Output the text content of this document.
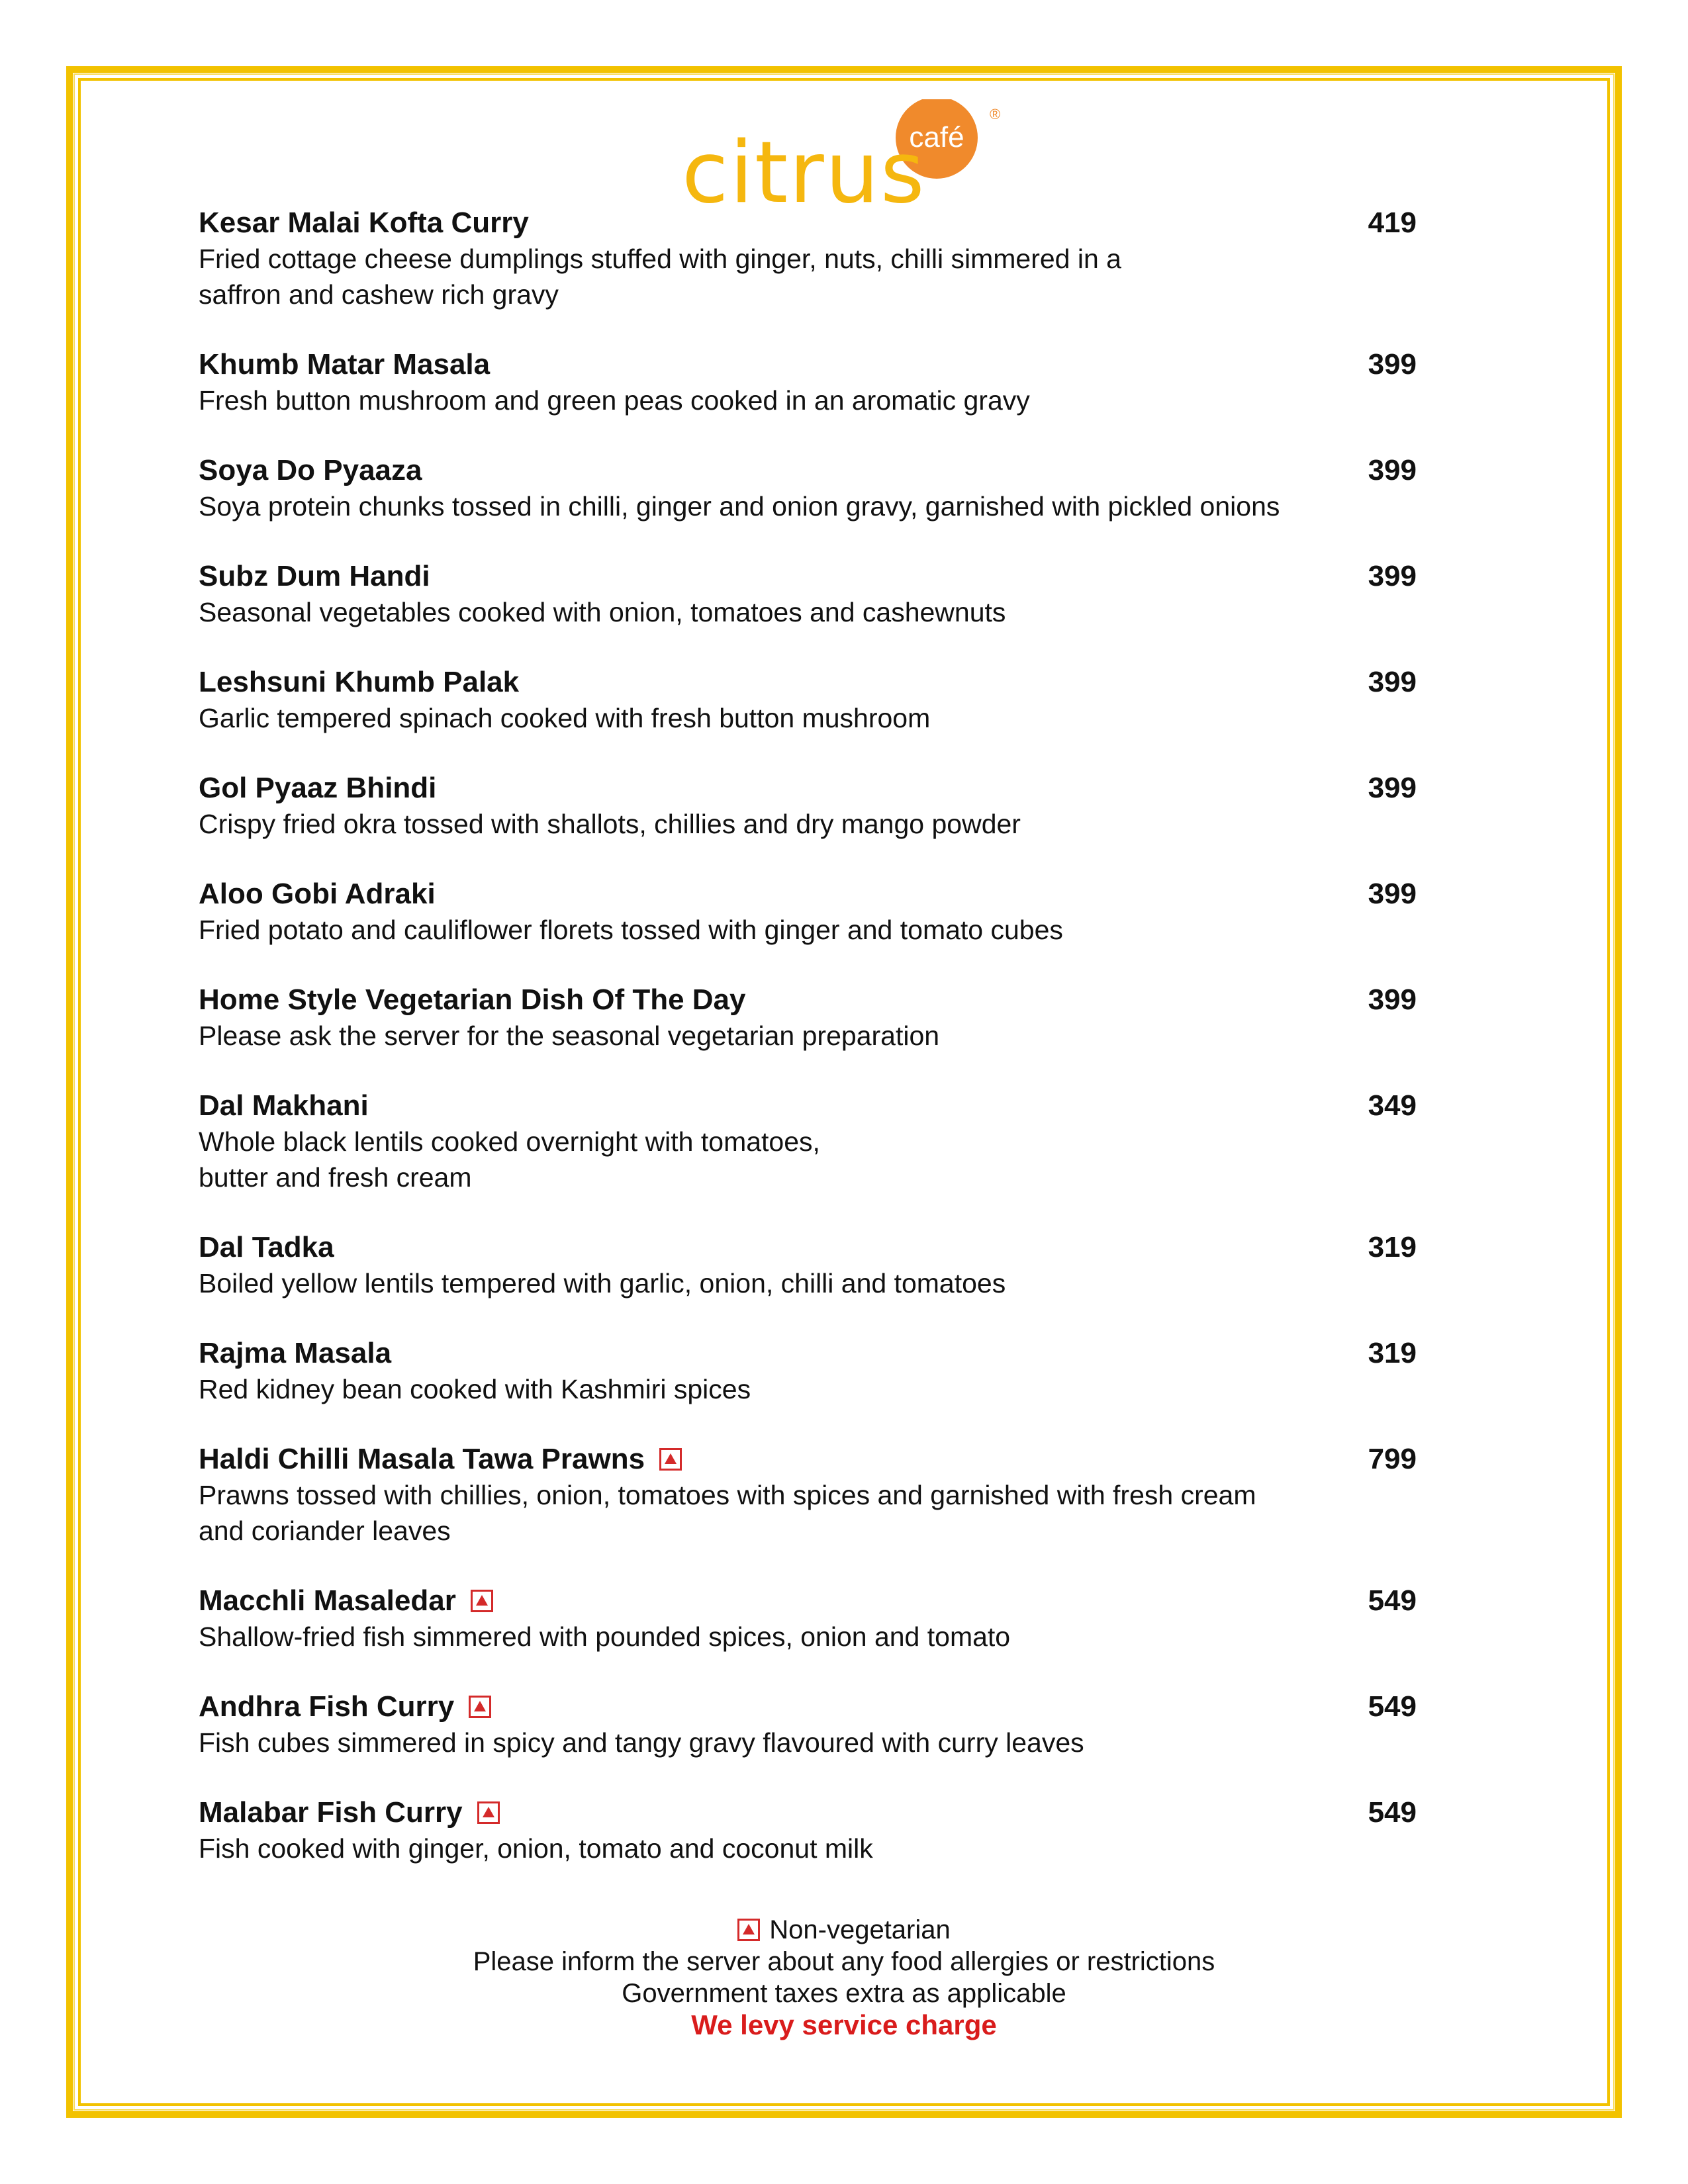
café
®
citrus
Kesar Malai Kofta Curry	419
Fried cottage cheese dumplings stuffed with ginger, nuts, chilli simmered in a
saffron and cashew rich gravy
Khumb Matar Masala	399
Fresh button mushroom and green peas cooked in an aromatic gravy
Soya Do Pyaaza	399
Soya protein chunks tossed in chilli, ginger and onion gravy, garnished with pickled onions
Subz Dum Handi	399
Seasonal vegetables cooked with onion, tomatoes and cashewnuts
Leshsuni Khumb Palak	399
Garlic tempered spinach cooked with fresh button mushroom
Gol Pyaaz Bhindi	399
Crispy fried okra tossed with shallots, chillies and dry mango powder
Aloo Gobi Adraki	399
Fried potato and cauliflower florets tossed with ginger and tomato cubes
Home Style Vegetarian Dish Of The Day	399
Please ask the server for the seasonal vegetarian preparation
Dal Makhani	349
Whole black lentils cooked overnight with tomatoes,
butter and fresh cream
Dal Tadka	319
Boiled yellow lentils tempered with garlic, onion, chilli and tomatoes
Rajma Masala	319
Red kidney bean cooked with Kashmiri spices
Haldi Chilli Masala Tawa Prawns	799
Prawns tossed with chillies, onion, tomatoes with spices and garnished with fresh cream
and coriander leaves
Macchli Masaledar	549
Shallow-fried fish simmered with pounded spices, onion and tomato
Andhra Fish Curry	549
Fish cubes simmered in spicy and tangy gravy flavoured with curry leaves
Malabar Fish Curry	549
Fish cooked with ginger, onion, tomato and coconut milk
Non-vegetarian
Please inform the server about any food allergies or restrictions
Government taxes extra as applicable
We levy service charge
